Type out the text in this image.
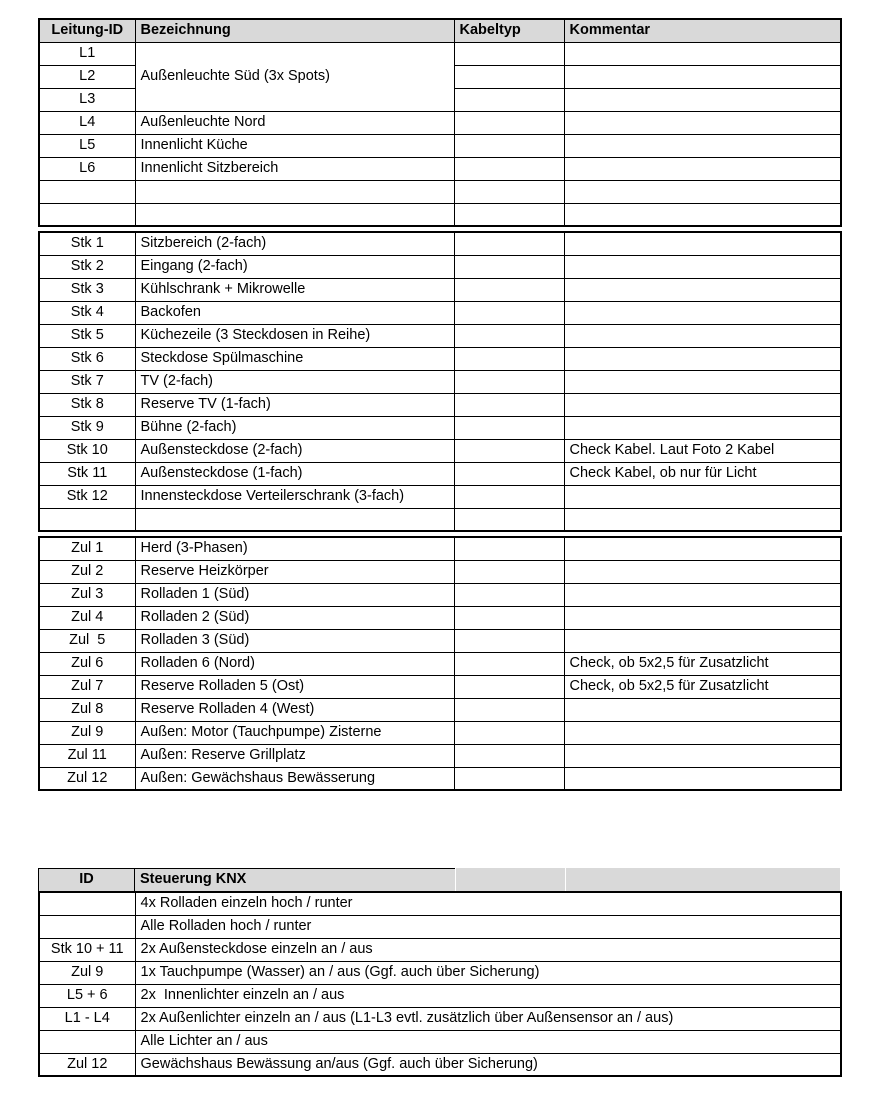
Leitung-ID	Bezeichnung	Kabeltyp	Kommentar
L1	Außenleuchte Süd (3x Spots)		
L2			
L3			
L4	Außenleuchte Nord		
L5	Innenlicht Küche		
L6	Innenlicht Sitzbereich		

Stk 1	Sitzbereich (2-fach)		
Stk 2	Eingang (2-fach)		
Stk 3	Kühlschrank + Mikrowelle		
Stk 4	Backofen		
Stk 5	Küchezeile (3 Steckdosen in Reihe)		
Stk 6	Steckdose Spülmaschine		
Stk 7	TV (2-fach)		
Stk 8	Reserve TV (1-fach)		
Stk 9	Bühne (2-fach)		
Stk 10	Außensteckdose (2-fach)		Check Kabel. Laut Foto 2 Kabel
Stk 11	Außensteckdose (1-fach)		Check Kabel, ob nur für Licht
Stk 12	Innensteckdose Verteilerschrank (3-fach)		

Zul 1	Herd (3-Phasen)		
Zul 2	Reserve Heizkörper		
Zul 3	Rolladen 1 (Süd)		
Zul 4	Rolladen 2 (Süd)		
Zul  5	Rolladen 3 (Süd)		
Zul 6	Rolladen 6 (Nord)		Check, ob 5x2,5 für Zusatzlicht
Zul 7	Reserve Rolladen 5 (Ost)		Check, ob 5x2,5 für Zusatzlicht
Zul 8	Reserve Rolladen 4 (West)		
Zul 9	Außen: Motor (Tauchpumpe) Zisterne		
Zul 11	Außen: Reserve Grillplatz		
Zul 12	Außen: Gewächshaus Bewässerung		
ID	Steuerung KNX
	4x Rolladen einzeln hoch / runter
	Alle Rolladen hoch / runter
Stk 10 + 11	2x Außensteckdose einzeln an / aus
Zul 9	1x Tauchpumpe (Wasser) an / aus (Ggf. auch über Sicherung)
L5 + 6	2x  Innenlichter einzeln an / aus
L1 - L4	2x Außenlichter einzeln an / aus (L1-L3 evtl. zusätzlich über Außensensor an / aus)
	Alle Lichter an / aus
Zul 12	Gewächshaus Bewässung an/aus (Ggf. auch über Sicherung)
